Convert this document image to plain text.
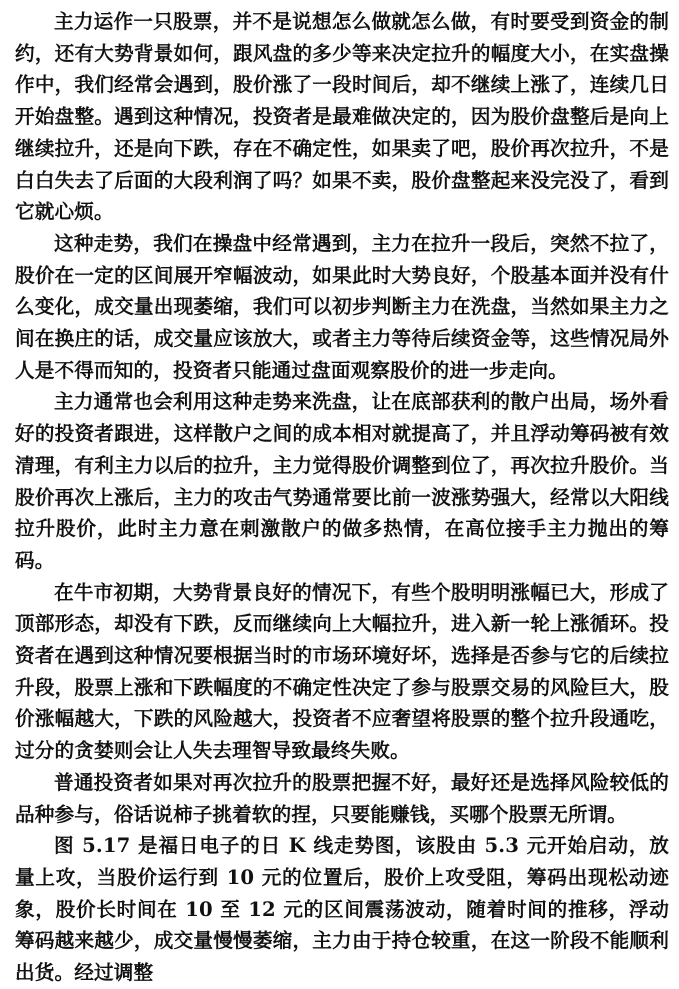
主力运作一只股票，并不是说想怎么做就怎么做，有时要受到资金的制约，还有大势背景如何，跟风盘的多少等来决定拉升的幅度大小，在实盘操作中，我们经常会遇到，股价涨了一段时间后，却不继续上涨了，连续几日开始盘整。遇到这种情况，投资者是最难做决定的，因为股价盘整后是向上继续拉升，还是向下跌，存在不确定性，如果卖了吧，股价再次拉升，不是白白失去了后面的大段利润了吗？如果不卖，股价盘整起来没完没了，看到它就心烦。

这种走势，我们在操盘中经常遇到，主力在拉升一段后，突然不拉了，股价在一定的区间展开窄幅波动，如果此时大势良好，个股基本面并没有什么变化，成交量出现萎缩，我们可以初步判断主力在洗盘，当然如果主力之间在换庄的话，成交量应该放大，或者主力等待后续资金等，这些情况局外人是不得而知的，投资者只能通过盘面观察股价的进一步走向。

主力通常也会利用这种走势来洗盘，让在底部获利的散户出局，场外看好的投资者跟进，这样散户之间的成本相对就提高了，并且浮动筹码被有效清理，有利主力以后的拉升，主力觉得股价调整到位了，再次拉升股价。当股价再次上涨后，主力的攻击气势通常要比前一波涨势强大，经常以大阳线拉升股价，此时主力意在刺激散户的做多热情，在高位接手主力抛出的筹码。

在牛市初期，大势背景良好的情况下，有些个股明明涨幅已大，形成了顶部形态，却没有下跌，反而继续向上大幅拉升，进入新一轮上涨循环。投资者在遇到这种情况要根据当时的市场环境好坏，选择是否参与它的后续拉升段，股票上涨和下跌幅度的不确定性决定了参与股票交易的风险巨大，股价涨幅越大，下跌的风险越大，投资者不应奢望将股票的整个拉升段通吃，过分的贪婪则会让人失去理智导致最终失败。

普通投资者如果对再次拉升的股票把握不好，最好还是选择风险较低的品种参与，俗话说柿子挑着软的捏，只要能赚钱，买哪个股票无所谓。

图 5.17 是福日电子的日 K 线走势图，该股由 5.3 元开始启动，放量上攻，当股价运行到 10 元的位置后，股价上攻受阻，筹码出现松动迹象，股价长时间在 10 至 12 元的区间震荡波动，随着时间的推移，浮动筹码越来越少，成交量慢慢萎缩，主力由于持仓较重，在这一阶段不能顺利出货。经过调整
